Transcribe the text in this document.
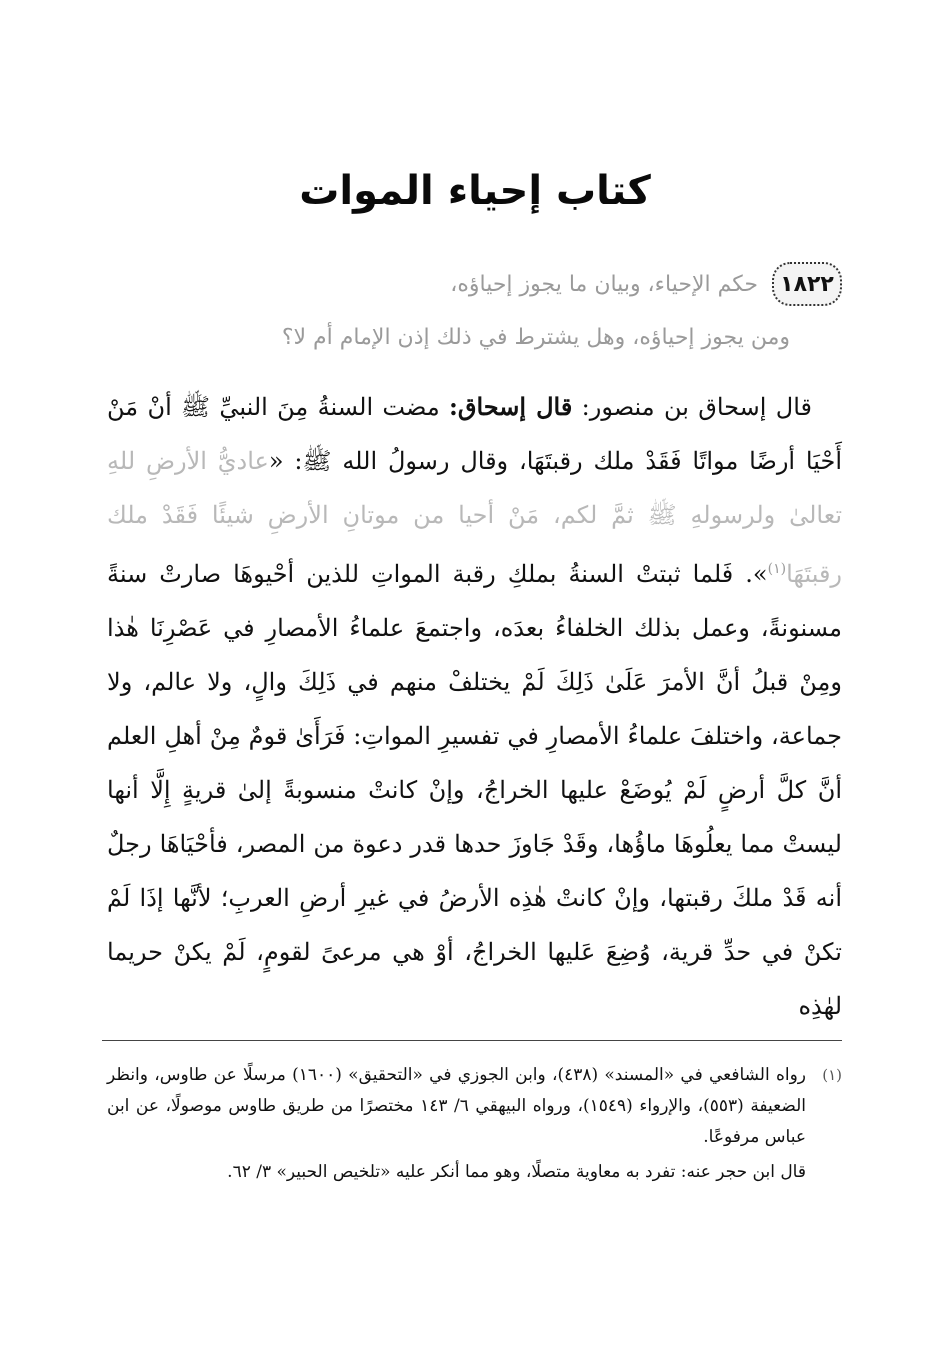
كتاب إحياء الموات
١٨٢٢
حكم الإحياء، وبيان ما يجوز إحياؤه،
ومن يجوز إحياؤه، وهل يشترط في ذلك إذن الإمام أم لا؟

قال إسحاق بن منصور: قال إسحاق: مضت السنةُ مِنَ النبيِّ ﷺ أنْ مَنْ أَحْيَا أرضًا مواتًا فَقَدْ ملك رقبتَهَا، وقال رسولُ الله ﷺ: «عاديُّ الأرضِ للهِ تعالىٰ ولرسولهِ ﷺ ثمَّ لكم، مَنْ أحيا من موتانِ الأرضِ شيئًا فَقَدْ ملك رقبتَهَا$^{(١)}$». فَلما ثبتتْ السنةُ بملكِ رقبة المواتِ للذين أحْيوهَا صارتْ سنةً مسنونةً، وعمل بذلك الخلفاءُ بعدَه، واجتمعَ علماءُ الأمصارِ في عَصْرِنَا هٰذا ومِنْ قبلُ أنَّ الأمرَ عَلَىٰ ذَلِكَ لَمْ يختلفْ منهم في ذَلِكَ والٍ، ولا عالم، ولا جماعة، واختلفَ علماءُ الأمصارِ في تفسيرِ المواتِ: فَرَأَىٰ قومٌ مِنْ أهلِ العلم أنَّ كلَّ أرضٍ لَمْ يُوضَعْ عليها الخراجُ، وإنْ كانتْ منسوبةً إلىٰ قريةٍ إِلَّا أنها ليستْ مما يعلُوهَا ماؤُها، وقَدْ جَاوزَ حدها قدر دعوة من المصر، فأحْيَاهَا رجلٌ أنه قَدْ ملكَ رقبتها، وإنْ كانتْ هٰذِه الأرضُ في غيرِ أرضِ العربِ؛ لأنَّها إذَا لَمْ تكنْ في حدِّ قرية، وُضِعَ عَليها الخراجُ، أوْ هي مرعىً لقومٍ، لَمْ يكنْ حريما لهٰذِه

(١)
رواه الشافعي في «المسند» (٤٣٨)، وابن الجوزي في «التحقيق» (١٦٠٠) مرسلًا عن طاوس، وانظر الضعيفة (٥٥٣)، والإرواء (١٥٤٩)، ورواه البيهقي ٦/ ١٤٣ مختصرًا من طريق طاوس موصولًا، عن ابن عباس مرفوعًا.
قال ابن حجر عنه: تفرد به معاوية متصلًا، وهو مما أنكر عليه «تلخيص الحبير» ٣/ ٦٢.
